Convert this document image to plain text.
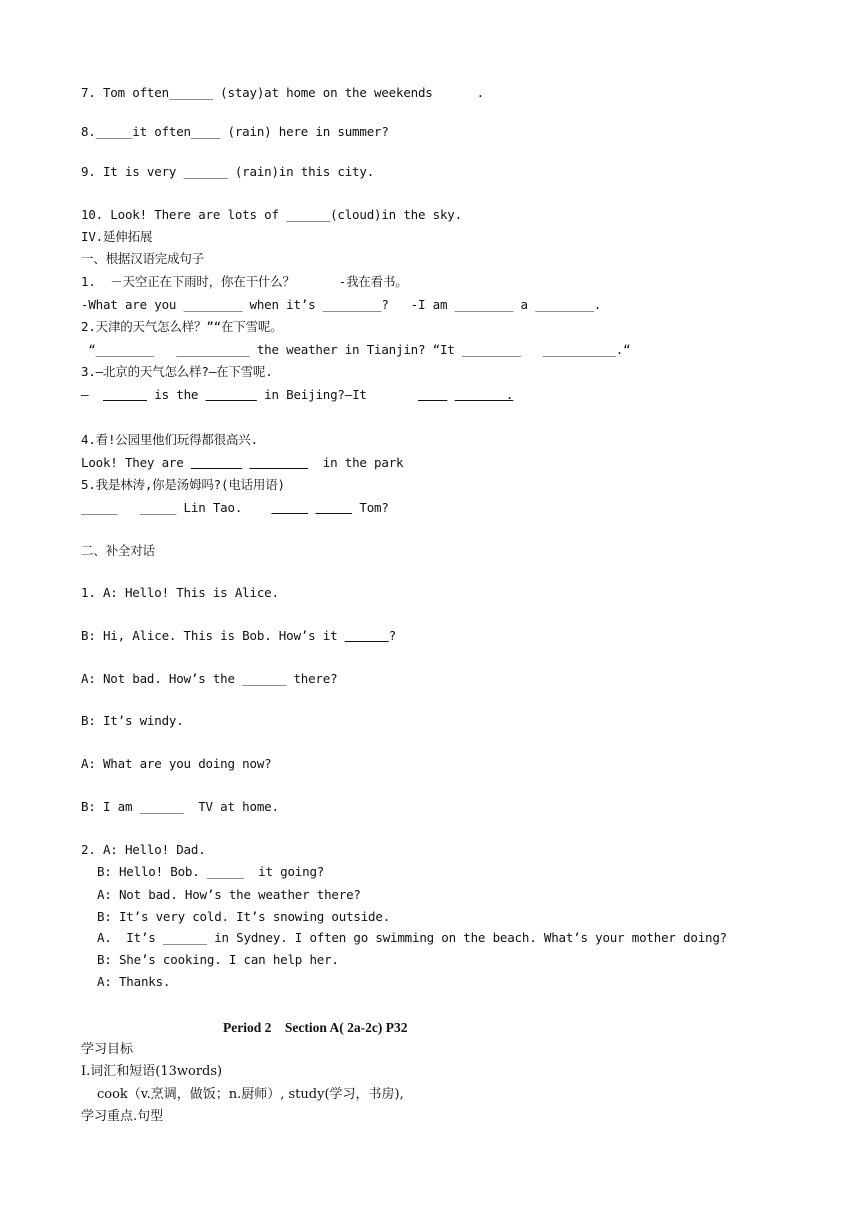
7. Tom often______ (stay)at home on the weekends      .
8._____it often____ (rain) here in summer?
9. It is very ______ (rain)in this city.
10. Look! There are lots of ______(cloud)in the sky.
IV.延伸拓展
一、根据汉语完成句子
1.  －天空正在下雨时，你在干什么？      -我在看书。
-What are you ________ when it’s ________?   -I am ________ a ________.
2.天津的天气怎么样？”“在下雪呢。
“________   __________ the weather in Tianjin? “It ________   __________.“
3.—北京的天气怎么样?—在下雪呢.
—	is the	in Beijing?—It	.
4.看!公园里他们玩得都很高兴.
Look! They are	in the park
5.我是林涛,你是汤姆吗?(电话用语)
_____   _____ Lin Tao.	Tom?
二、补全对话
1. A: Hello! This is Alice.
B: Hi, Alice. This is Bob. How’s it	?
A: Not bad. How’s the ______ there?
B: It’s windy.
A: What are you doing now?
B: I am ______  TV at home.
2. A: Hello! Dad.
B: Hello! Bob. _____  it going?
A: Not bad. How’s the weather there?
B: It’s very cold. It’s snowing outside.
A.  It’s ______ in Sydney. I often go swimming on the beach. What’s your mother doing?
B: She’s cooking. I can help her.
A: Thanks.
Period 2    Section A( 2a-2c) P32
学习目标
Ⅰ.词汇和短语(13words)
cook（v.烹调，做饭；n.厨师）, study(学习，书房),
学习重点.句型
